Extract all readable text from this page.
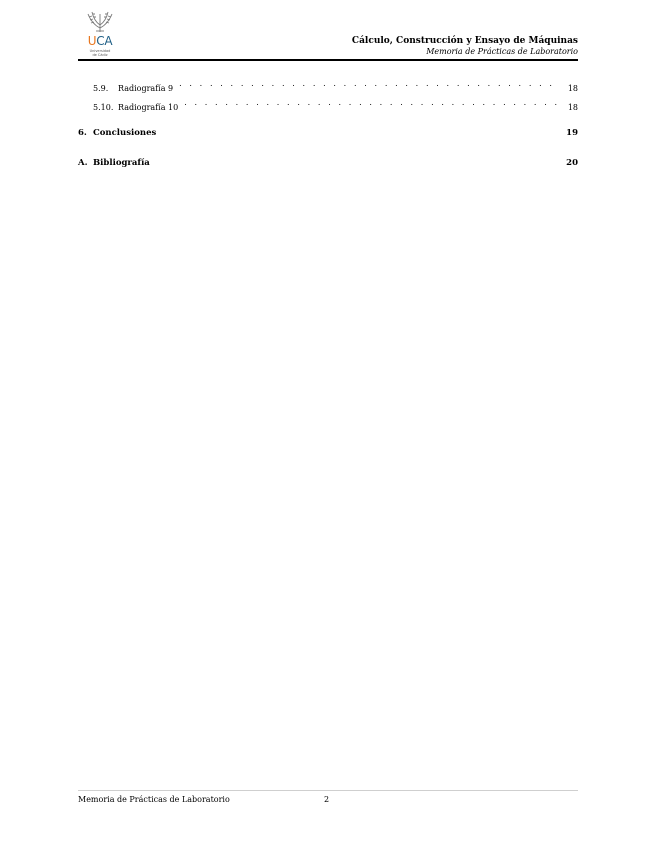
UCA
Universidad
de Cádiz
Cálculo, Construcción y Ensayo de Máquinas
Memoria de Prácticas de Laboratorio
5.9.	Radiografía 9 . . .	18
5.10. Radiografía 10 . . .	18
6. Conclusiones	19
A. Bibliografía	20
Memoria de Prácticas de Laboratorio	2
